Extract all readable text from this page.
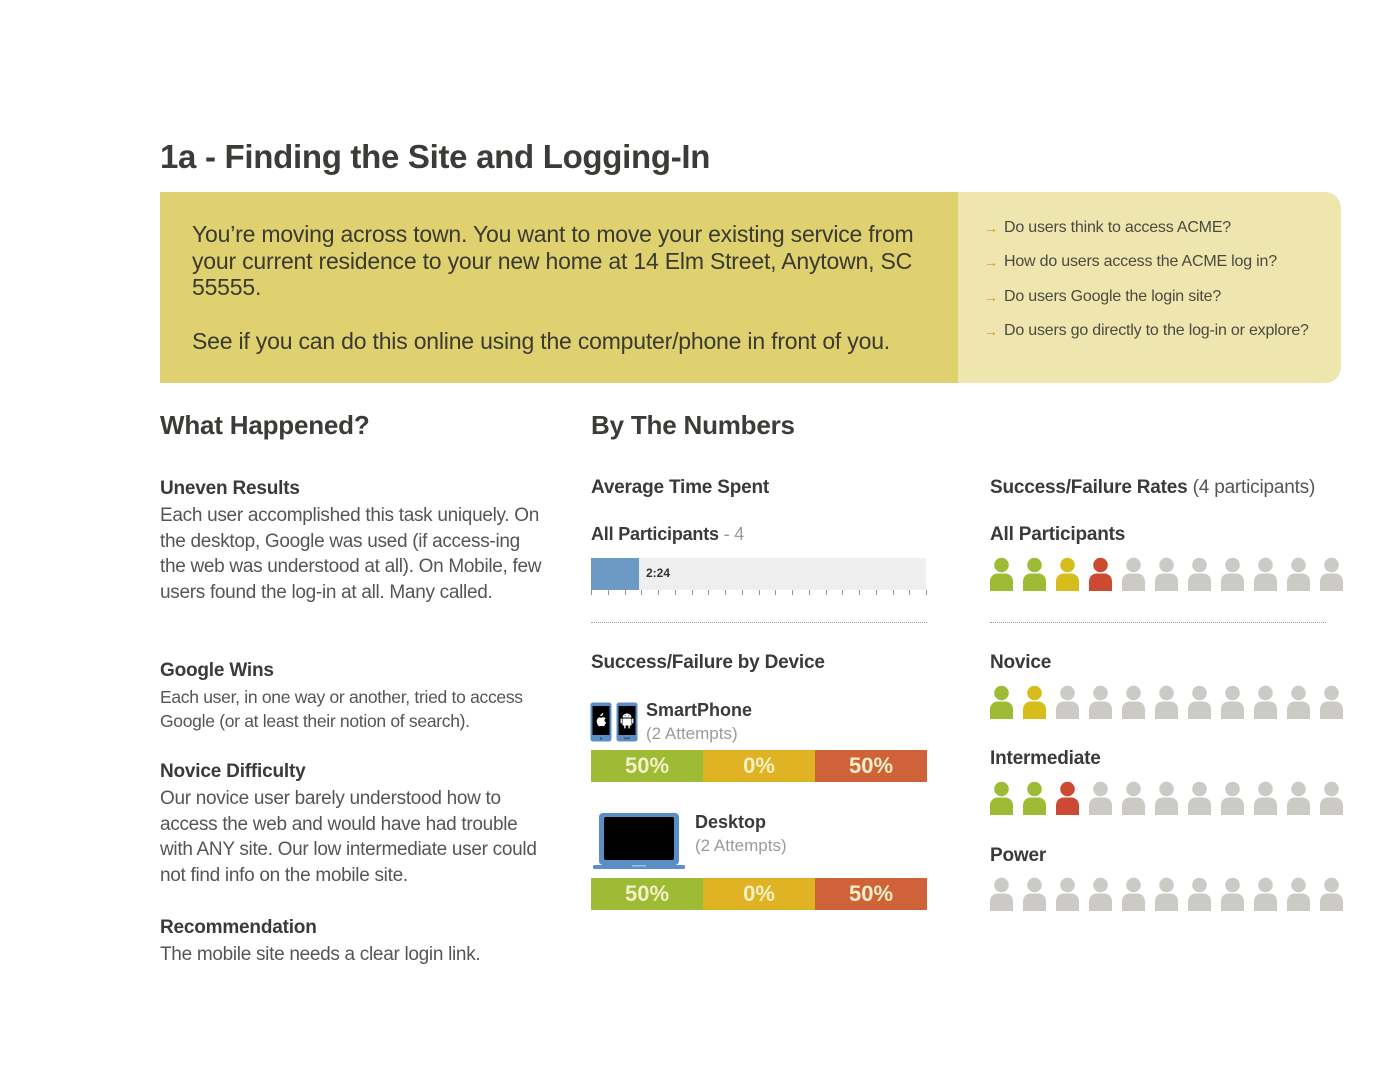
1a - Finding the Site and Logging-In

You’re moving across town. You want to move your existing service from your current residence to your new home at 14 Elm Street, Anytown, SC 55555.

See if you can do this online using the computer/phone in front of you.

→ Do users think to access ACME?
→ How do users access the ACME log in?
→ Do users Google the login site?
→ Do users go directly to the log-in or explore?
What Happened?
Uneven Results

Each user accomplished this task uniquely. On the desktop, Google was used (if access-ing the web was understood at all). On Mobile, few users found the log-in at all. Many called.

Google Wins

Each user, in one way or another, tried to access Google (or at least their notion of search).

Novice Difficulty

Our novice user barely understood how to access the web and would have had trouble with ANY site. Our low intermediate user could not find info on the mobile site.

Recommendation

The mobile site needs a clear login link.

By The Numbers
Average Time Spent
All Participants - 4
2:24
Success/Failure by Device
SmartPhone
(2 Attempts)
50%	0%	50%
Desktop
(2 Attempts)
50%	0%	50%
Success/Failure Rates (4 participants)
All Participants
Novice
Intermediate
Power
